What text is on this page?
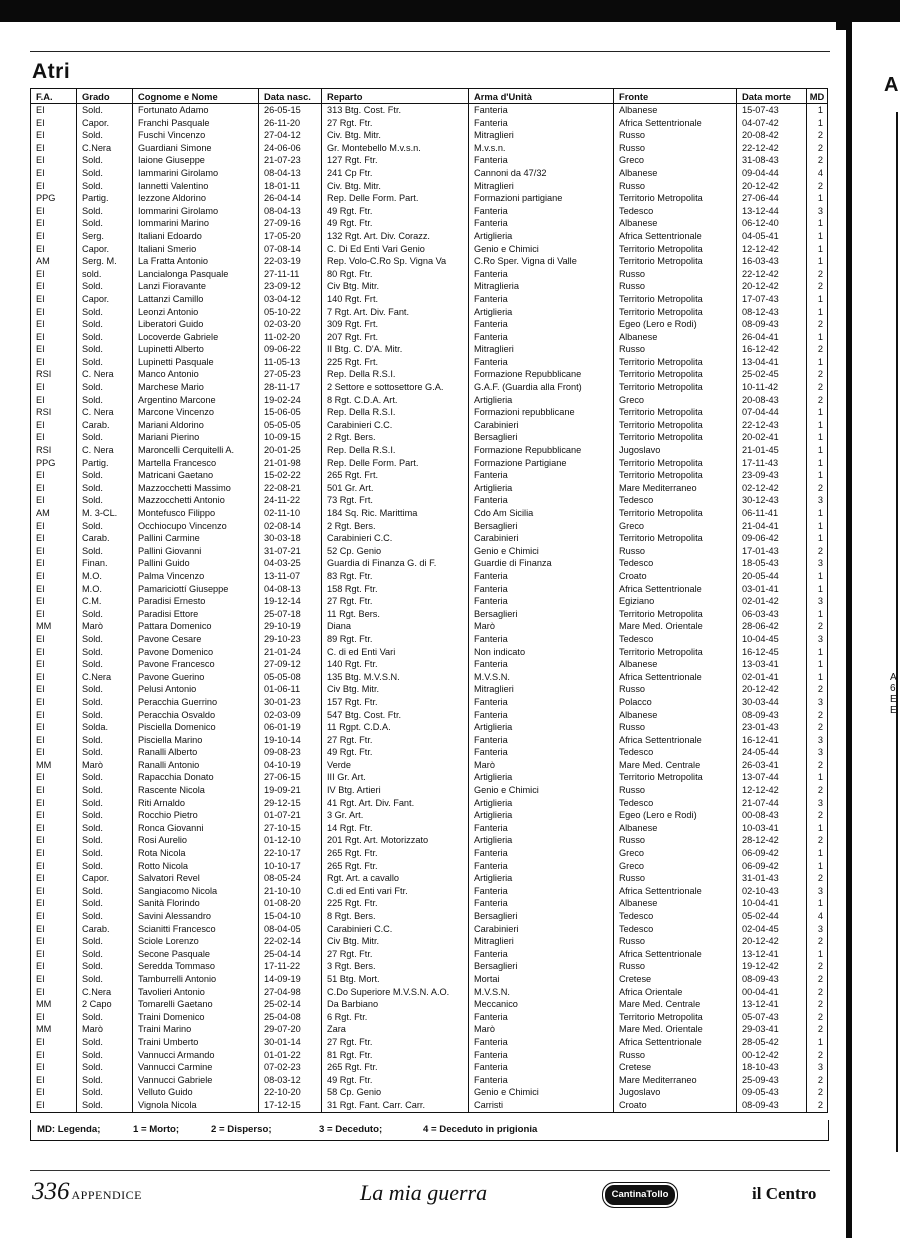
Atri
F.A.	Grado	Cognome e Nome	Data nasc.	Reparto	Arma d'Unità	Fronte	Data morte	MD
EI	Sold.	Fortunato Adamo	26-05-15	313 Btg. Cost. Ftr.	Fanteria	Albanese	15-07-43	1
EI	Capor.	Franchi Pasquale	26-11-20	27 Rgt. Ftr.	Fanteria	Africa Settentrionale	04-07-42	1
EI	Sold.	Fuschi Vincenzo	27-04-12	Civ. Btg. Mitr.	Mitraglieri	Russo	20-08-42	2
EI	C.Nera	Guardiani Simone	24-06-06	Gr. Montebello M.v.s.n.	M.v.s.n.	Russo	22-12-42	2
EI	Sold.	Iaione Giuseppe	21-07-23	127 Rgt. Ftr.	Fanteria	Greco	31-08-43	2
EI	Sold.	Iammarini Girolamo	08-04-13	241 Cp Ftr.	Cannoni da 47/32	Albanese	09-04-44	4
EI	Sold.	Iannetti Valentino	18-01-11	Civ. Btg. Mitr.	Mitraglieri	Russo	20-12-42	2
PPG	Partig.	Iezzone Aldorino	26-04-14	Rep. Delle Form. Part.	Formazioni partigiane	Territorio Metropolita	27-06-44	1
EI	Sold.	Iommarini Girolamo	08-04-13	49 Rgt. Ftr.	Fanteria	Tedesco	13-12-44	3
EI	Sold.	Iommarini Marino	27-09-16	49 Rgt. Ftr.	Fanteria	Albanese	06-12-40	1
EI	Serg.	Italiani Edoardo	17-05-20	132 Rgt. Art. Div. Corazz.	Artiglieria	Africa Settentrionale	04-05-41	1
EI	Capor.	Italiani Smerio	07-08-14	C. Di Ed Enti Vari Genio	Genio e Chimici	Territorio Metropolita	12-12-42	1
AM	Serg. M.	La Fratta Antonio	22-03-19	Rep. Volo-C.Ro Sp. Vigna Va	C.Ro Sper. Vigna di Valle	Territorio Metropolita	16-03-43	1
EI	sold.	Lancialonga Pasquale	27-11-11	80 Rgt. Ftr.	Fanteria	Russo	22-12-42	2
EI	Sold.	Lanzi Fioravante	23-09-12	Civ Btg. Mitr.	Mitraglieria	Russo	20-12-42	2
EI	Capor.	Lattanzi Camillo	03-04-12	140 Rgt. Frt.	Fanteria	Territorio Metropolita	17-07-43	1
EI	Sold.	Leonzi Antonio	05-10-22	7 Rgt. Art. Div. Fant.	Artiglieria	Territorio Metropolita	08-12-43	1
EI	Sold.	Liberatori Guido	02-03-20	309 Rgt. Frt.	Fanteria	Egeo (Lero e Rodi)	08-09-43	2
EI	Sold.	Locoverde Gabriele	11-02-20	207 Rgt. Frt.	Fanteria	Albanese	26-04-41	1
EI	Sold.	Lupinetti Alberto	09-06-22	II Btg. C. D'A. Mitr.	Mitraglieri	Russo	16-12-42	2
EI	Sold.	Lupinetti Pasquale	11-05-13	225 Rgt. Frt.	Fanteria	Territorio Metropolita	13-04-41	1
RSI	C. Nera	Manco Antonio	27-05-23	Rep. Della R.S.I.	Formazione Repubblicane	Territorio Metropolita	25-02-45	2
EI	Sold.	Marchese Mario	28-11-17	2 Settore e sottosettore G.A.	G.A.F. (Guardia alla Front)	Territorio Metropolita	10-11-42	2
EI	Sold.	Argentino Marcone	19-02-24	8 Rgt. C.D.A. Art.	Artiglieria	Greco	20-08-43	2
RSI	C. Nera	Marcone Vincenzo	15-06-05	Rep. Della R.S.I.	Formazioni repubblicane	Territorio Metropolita	07-04-44	1
EI	Carab.	Mariani Aldorino	05-05-05	Carabinieri C.C.	Carabinieri	Territorio Metropolita	22-12-43	1
EI	Sold.	Mariani Pierino	10-09-15	2 Rgt. Bers.	Bersaglieri	Territorio Metropolita	20-02-41	1
RSI	C. Nera	Maroncelli Cerquitelli A.	20-01-25	Rep. Della R.S.I.	Formazione Repubblicane	Jugoslavo	21-01-45	1
PPG	Partig.	Martella Francesco	21-01-98	Rep. Delle Form. Part.	Formazione Partigiane	Territorio Metropolita	17-11-43	1
EI	Sold.	Matricani Gaetano	15-02-22	265 Rgt. Frt.	Fanteria	Territorio Metropolita	23-09-43	1
EI	Sold.	Mazzocchetti Massimo	22-08-21	501 Gr. Art.	Artiglieria	Mare Mediterraneo	02-12-42	2
EI	Sold.	Mazzocchetti Antonio	24-11-22	73 Rgt. Frt.	Fanteria	Tedesco	30-12-43	3
AM	M. 3-CL.	Montefusco Filippo	02-11-10	184 Sq. Ric. Marittima	Cdo Am Sicilia	Territorio Metropolita	06-11-41	1
EI	Sold.	Occhiocupo Vincenzo	02-08-14	2 Rgt. Bers.	Bersaglieri	Greco	21-04-41	1
EI	Carab.	Pallini Carmine	30-03-18	Carabinieri C.C.	Carabinieri	Territorio Metropolita	09-06-42	1
EI	Sold.	Pallini Giovanni	31-07-21	52 Cp. Genio	Genio e Chimici	Russo	17-01-43	2
EI	Finan.	Pallini Guido	04-03-25	Guardia di Finanza G. di F.	Guardie di Finanza	Tedesco	18-05-43	3
EI	M.O.	Palma Vincenzo	13-11-07	83 Rgt. Ftr.	Fanteria	Croato	20-05-44	1
EI	M.O.	Pamariciottí Giuseppe	04-08-13	158 Rgt. Ftr.	Fanteria	Africa Settentrionale	03-01-41	1
EI	C.M.	Paradisi Ernesto	19-12-14	27 Rgt. Ftr.	Fanteria	Egiziano	02-01-42	3
EI	Sold.	Paradisi Ettore	25-07-18	11 Rgt. Bers.	Bersaglieri	Territorio Metropolita	06-03-43	1
MM	Marò	Pattara Domenico	29-10-19	Diana	Marò	Mare Med. Orientale	28-06-42	2
EI	Sold.	Pavone Cesare	29-10-23	89 Rgt. Ftr.	Fanteria	Tedesco	10-04-45	3
EI	Sold.	Pavone Domenico	21-01-24	C. di ed Enti Vari	Non indicato	Territorio Metropolita	16-12-45	1
EI	Sold.	Pavone Francesco	27-09-12	140 Rgt. Ftr.	Fanteria	Albanese	13-03-41	1
EI	C.Nera	Pavone Guerino	05-05-08	135 Btg. M.V.S.N.	M.V.S.N.	Africa Settentrionale	02-01-41	1
EI	Sold.	Pelusi Antonio	01-06-11	Civ Btg. Mitr.	Mitraglieri	Russo	20-12-42	2
EI	Sold.	Peracchia Guerrino	30-01-23	157 Rgt. Ftr.	Fanteria	Polacco	30-03-44	3
EI	Sold.	Peracchia Osvaldo	02-03-09	547 Btg. Cost. Ftr.	Fanteria	Albanese	08-09-43	2
EI	Solda.	Pisciella Domenico	06-01-19	11 Rgpt. C.D.A.	Artiglieria	Russo	23-01-43	2
EI	Sold.	Pisciella Marino	19-10-14	27 Rgt. Ftr.	Fanteria	Africa Settentrionale	16-12-41	3
EI	Sold.	Ranalli Alberto	09-08-23	49 Rgt. Ftr.	Fanteria	Tedesco	24-05-44	3
MM	Marò	Ranalli Antonio	04-10-19	Verde	Marò	Mare Med. Centrale	26-03-41	2
EI	Sold.	Rapacchia Donato	27-06-15	III Gr. Art.	Artiglieria	Territorio Metropolita	13-07-44	1
EI	Sold.	Rascente Nicola	19-09-21	IV Btg. Artieri	Genio e Chimici	Russo	12-12-42	2
EI	Sold.	Riti Arnaldo	29-12-15	41 Rgt. Art. Div. Fant.	Artiglieria	Tedesco	21-07-44	3
EI	Sold.	Rocchio Pietro	01-07-21	3 Gr. Art.	Artiglieria	Egeo (Lero e Rodi)	00-08-43	2
EI	Sold.	Ronca Giovanni	27-10-15	14 Rgt. Ftr.	Fanteria	Albanese	10-03-41	1
EI	Sold.	Rosi Aurelio	01-12-10	201 Rgt. Art. Motorizzato	Artiglieria	Russo	28-12-42	2
EI	Sold.	Rota Nicola	22-10-17	265 Rgt. Ftr.	Fanteria	Greco	06-09-42	1
EI	Sold.	Rotto Nicola	10-10-17	265 Rgt. Ftr.	Fanteria	Greco	06-09-42	1
EI	Capor.	Salvatori Revel	08-05-24	Rgt. Art. a cavallo	Artiglieria	Russo	31-01-43	2
EI	Sold.	Sangiacomo Nicola	21-10-10	C.di ed Enti vari Ftr.	Fanteria	Africa Settentrionale	02-10-43	3
EI	Sold.	Sanità Florindo	01-08-20	225 Rgt. Ftr.	Fanteria	Albanese	10-04-41	1
EI	Sold.	Savini Alessandro	15-04-10	8 Rgt. Bers.	Bersaglieri	Tedesco	05-02-44	4
EI	Carab.	Scianitti Francesco	08-04-05	Carabinieri C.C.	Carabinieri	Tedesco	02-04-45	3
EI	Sold.	Sciole Lorenzo	22-02-14	Civ Btg. Mitr.	Mitraglieri	Russo	20-12-42	2
EI	Sold.	Secone Pasquale	25-04-14	27 Rgt. Ftr.	Fanteria	Africa Settentrionale	13-12-41	1
EI	Sold.	Seredda Tommaso	17-11-22	3 Rgt. Bers.	Bersaglieri	Russo	19-12-42	2
EI	Sold.	Tamburrelli Antonio	14-09-19	51 Btg. Mort.	Mortai	Cretese	08-09-43	2
EI	C.Nera	Tavolieri Antonio	27-04-98	C.Do Superiore M.V.S.N. A.O.	M.V.S.N.	Africa Orientale	00-04-41	2
MM	2 Capo	Tomarelli Gaetano	25-02-14	Da Barbiano	Meccanico	Mare Med. Centrale	13-12-41	2
EI	Sold.	Traini Domenico	25-04-08	6 Rgt. Ftr.	Fanteria	Territorio Metropolita	05-07-43	2
MM	Marò	Traini Marino	29-07-20	Zara	Marò	Mare Med. Orientale	29-03-41	2
EI	Sold.	Traini Umberto	30-01-14	27 Rgt. Ftr.	Fanteria	Africa Settentrionale	28-05-42	1
EI	Sold.	Vannucci Armando	01-01-22	81 Rgt. Ftr.	Fanteria	Russo	00-12-42	2
EI	Sold.	Vannucci Carmine	07-02-23	265 Rgt. Ftr.	Fanteria	Cretese	18-10-43	3
EI	Sold.	Vannucci Gabriele	08-03-12	49 Rgt. Ftr.	Fanteria	Mare Mediterraneo	25-09-43	2
EI	Sold.	Velluto Guido	22-10-20	58 Cp. Genio	Genio e Chimici	Jugoslavo	09-05-43	2
EI	Sold.	Vignola Nicola	17-12-15	31 Rgt. Fant. Carr. Carr.	Carristi	Croato	08-09-43	2
MD: Legenda;	1 = Morto;	2 = Disperso;	3 = Deceduto;	4 = Deceduto in prigionia
336 APPENDICE	La mia guerra	CantinaTollo	il Centro
A
A
6
E
E
